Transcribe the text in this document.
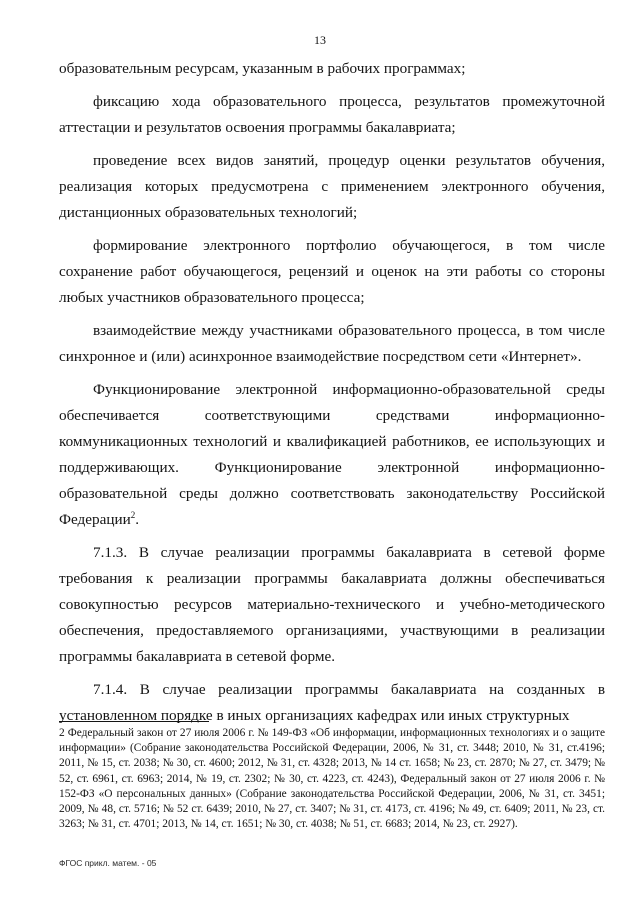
13

образовательным ресурсам, указанным в рабочих программах;

фиксацию хода образовательного процесса, результатов промежуточной аттестации и результатов освоения программы бакалавриата;

проведение всех видов занятий, процедур оценки результатов обучения, реализация которых предусмотрена с применением электронного обучения, дистанционных образовательных технологий;

формирование электронного портфолио обучающегося, в том числе сохранение работ обучающегося, рецензий и оценок на эти работы со стороны любых участников образовательного процесса;

взаимодействие между участниками образовательного процесса, в том числе синхронное и (или) асинхронное взаимодействие посредством сети «Интернет».

Функционирование электронной информационно-образовательной среды обеспечивается соответствующими средствами информационно-коммуникационных технологий и квалификацией работников, ее использующих и поддерживающих. Функционирование электронной информационно-образовательной среды должно соответствовать законодательству Российской Федерации$^2$.

7.1.3. В случае реализации программы бакалавриата в сетевой форме требования к реализации программы бакалавриата должны обеспечиваться совокупностью ресурсов материально-технического и учебно-методического обеспечения, предоставляемого организациями, участвующими в реализации программы бакалавриата в сетевой форме.

7.1.4. В случае реализации программы бакалавриата на созданных в установленном порядке в иных организациях кафедрах или иных структурных

2 Федеральный закон от 27 июля 2006 г. № 149-ФЗ «Об информации, информационных технологиях и о защите информации» (Собрание законодательства Российской Федерации, 2006, № 31, ст. 3448; 2010, № 31, ст.4196; 2011, № 15, ст. 2038; № 30, ст. 4600; 2012, № 31, ст. 4328; 2013, № 14 ст. 1658; № 23, ст. 2870; № 27, ст. 3479; № 52, ст. 6961, ст. 6963; 2014, № 19, ст. 2302; № 30, ст. 4223, ст. 4243), Федеральный закон от 27 июля 2006 г. № 152-ФЗ «О персональных данных» (Собрание законодательства Российской Федерации, 2006, № 31, ст. 3451; 2009, № 48, ст. 5716; № 52 ст. 6439; 2010, № 27, ст. 3407; № 31, ст. 4173, ст. 4196; № 49, ст. 6409; 2011, № 23, ст. 3263; № 31, ст. 4701; 2013, № 14, ст. 1651; № 30, ст. 4038; № 51, ст. 6683; 2014, № 23, ст. 2927).

ФГОС прикл. матем. - 05
